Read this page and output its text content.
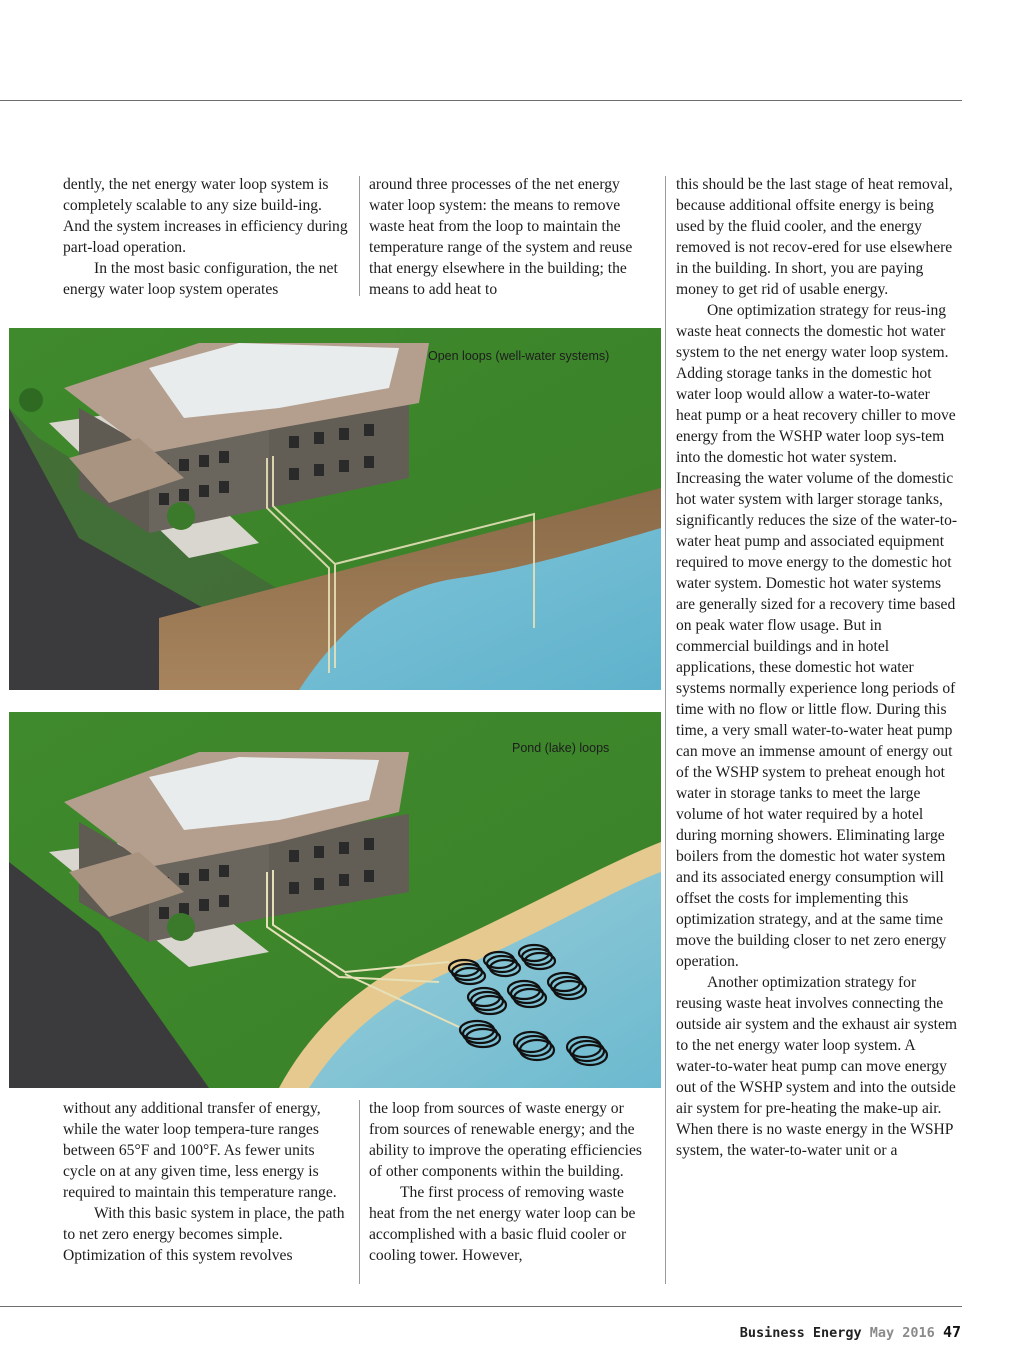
dently, the net energy water loop system is completely scalable to any size build-ing. And the system increases in efficiency during part-load operation.

In the most basic configuration, the net energy water loop system operates

around three processes of the net energy water loop system: the means to remove waste heat from the loop to maintain the temperature range of the system and reuse that energy elsewhere in the building; the means to add heat to

this should be the last stage of heat removal, because additional offsite energy is being used by the fluid cooler, and the energy removed is not recov-ered for use elsewhere in the building. In short, you are paying money to get rid of usable energy.

One optimization strategy for reus-ing waste heat connects the domestic hot water system to the net energy water loop system. Adding storage tanks in the domestic hot water loop would allow a water-to-water heat pump or a heat recovery chiller to move energy from the WSHP water loop sys-tem into the domestic hot water system. Increasing the water volume of the domestic hot water system with larger storage tanks, significantly reduces the size of the water-to-water heat pump and associated equipment required to move energy to the domestic hot water system. Domestic hot water systems are generally sized for a recovery time based on peak water flow usage. But in commercial buildings and in hotel applications, these domestic hot water systems normally experience long periods of time with no flow or little flow. During this time, a very small water-to-water heat pump can move an immense amount of energy out of the WSHP system to preheat enough hot water in storage tanks to meet the large volume of hot water required by a hotel during morning showers. Eliminating large boilers from the domestic hot water system and its associated energy consumption will offset the costs for implementing this optimization strategy, and at the same time move the building closer to net zero energy operation.

Another optimization strategy for reusing waste heat involves connecting the outside air system and the exhaust air system to the net energy water loop system. A water-to-water heat pump can move energy out of the WSHP system and into the outside air system for pre-heating the make-up air. When there is no waste energy in the WSHP system, the water-to-water unit or a

Open loops (well-water systems)
Pond (lake) loops

without any additional transfer of energy, while the water loop tempera-ture ranges between 65°F and 100°F. As fewer units cycle on at any given time, less energy is required to maintain this temperature range.

With this basic system in place, the path to net zero energy becomes simple. Optimization of this system revolves

the loop from sources of waste energy or from sources of renewable energy; and the ability to improve the operating efficiencies of other components within the building.

The first process of removing waste heat from the net energy water loop can be accomplished with a basic fluid cooler or cooling tower. However,

Business Energy May 2016 47
